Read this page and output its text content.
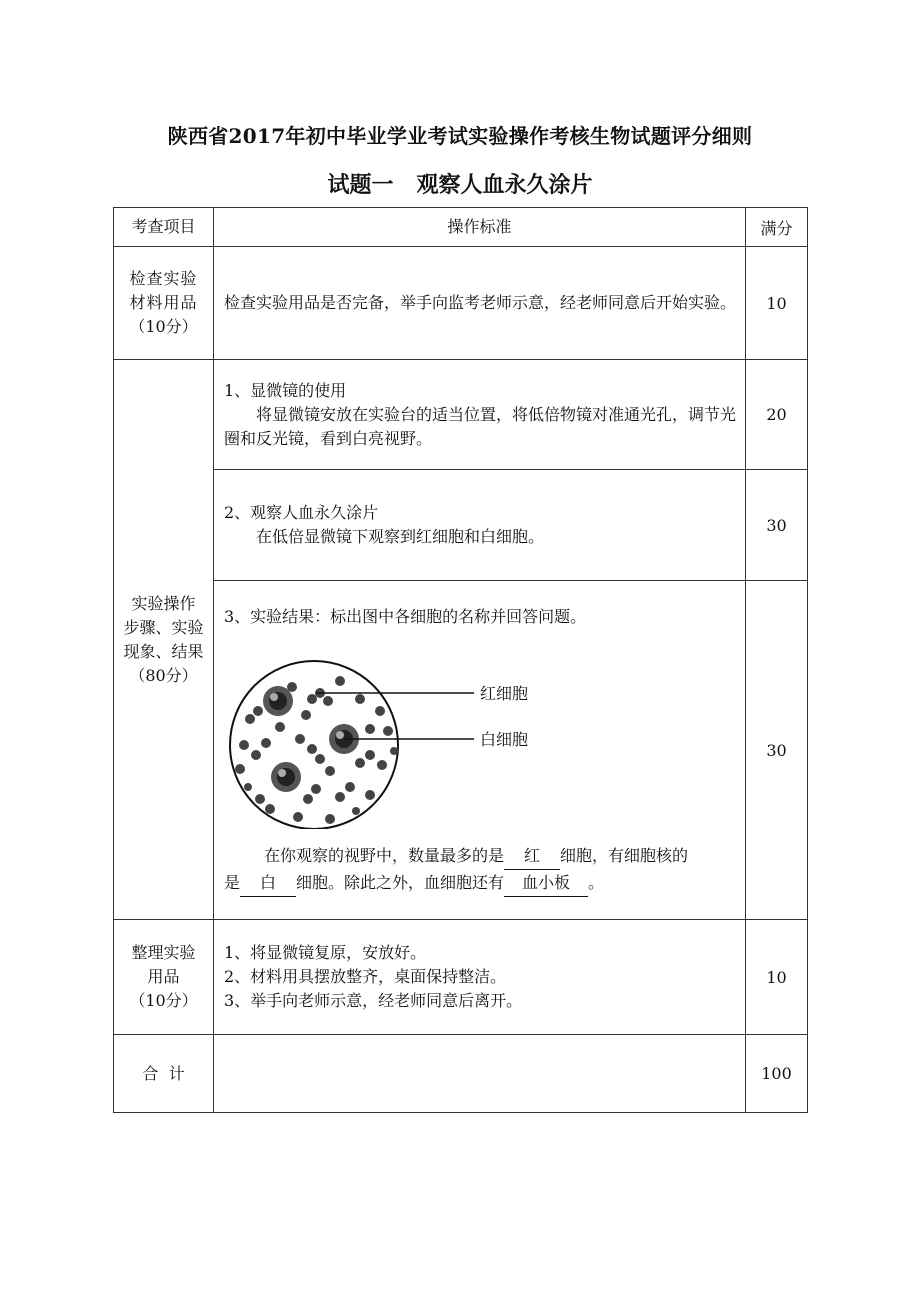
陕西省2017年初中毕业学业考试实验操作考核生物试题评分细则
试题一   观察人血永久涂片
考查项目	操作标准	满分

检查实验
材料用品
（10分）	检查实验用品是否完备，举手向监考老师示意，经老师同意后开始实验。	10

实验操作
步骤、实验
现象、结果
（80分）	1、显微镜的使用
将显微镜安放在实验台的适当位置，将低倍物镜对准通光孔，调节光圈和反光镜，看到白亮视野。	20

	2、观察人血永久涂片
在低倍显微镜下观察到红细胞和白细胞。	30

	3、实验结果：标出图中各细胞的名称并回答问题。
红细胞
白细胞
在你观察的视野中，数量最多的是 红 细胞，有细胞核的
是 白 细胞。除此之外，血细胞还有 血小板 。	30

整理实验
用品
（10分）	1、将显微镜复原，安放好。
2、材料用具摆放整齐，桌面保持整洁。
3、举手向老师示意，经老师同意后离开。	10
合  计		100
